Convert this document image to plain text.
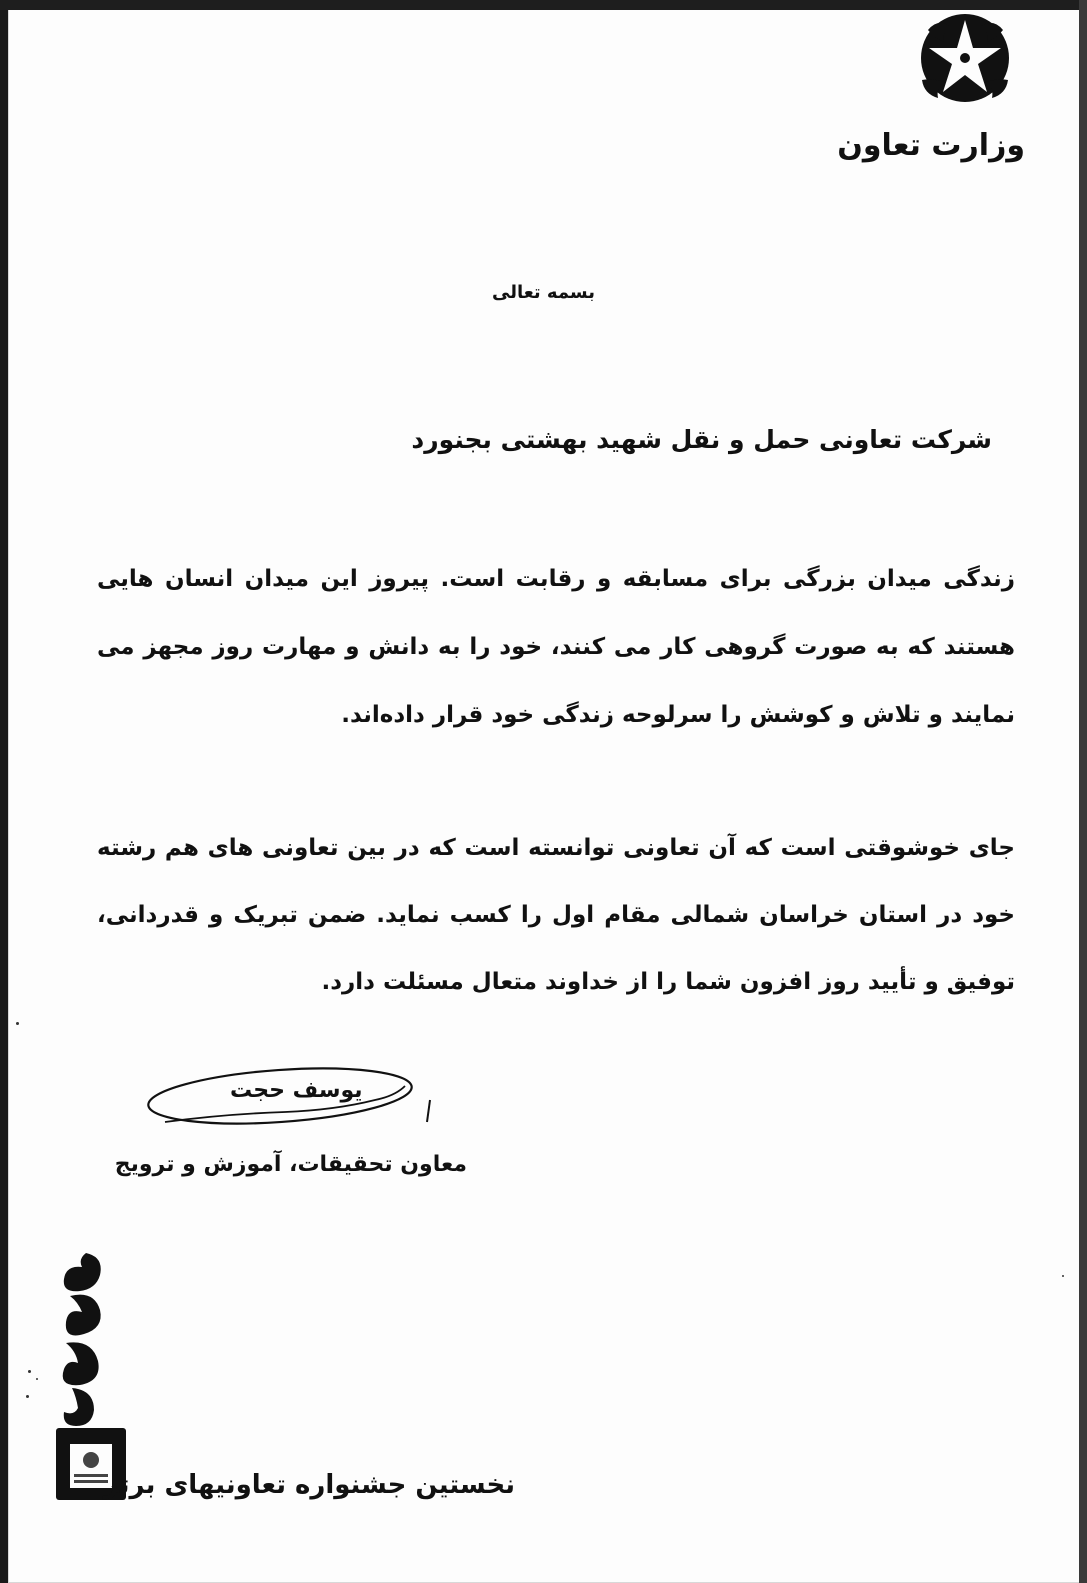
وزارت تعاون
بسمه تعالی
شرکت تعاونی حمل و نقل شهید بهشتی بجنورد
زندگی میدان بزرگی برای مسابقه و رقابت است. پیروز این میدان انسان هایی هستند که به صورت گروهی کار می کنند، خود را به دانش و مهارت روز مجهز می نمایند و تلاش و کوشش را سرلوحه زندگی خود قرار داده‌اند.
جای خوشوقتی است که آن تعاونی توانسته است که در بین تعاونی های هم رشته خود در استان خراسان شمالی مقام اول را کسب نماید. ضمن تبریک و قدردانی، توفیق و تأیید روز افزون شما را از خداوند متعال مسئلت دارد.
یوسف حجت
معاون تحقیقات، آموزش و ترویج
نخستین جشنواره تعاونیهای برتر
